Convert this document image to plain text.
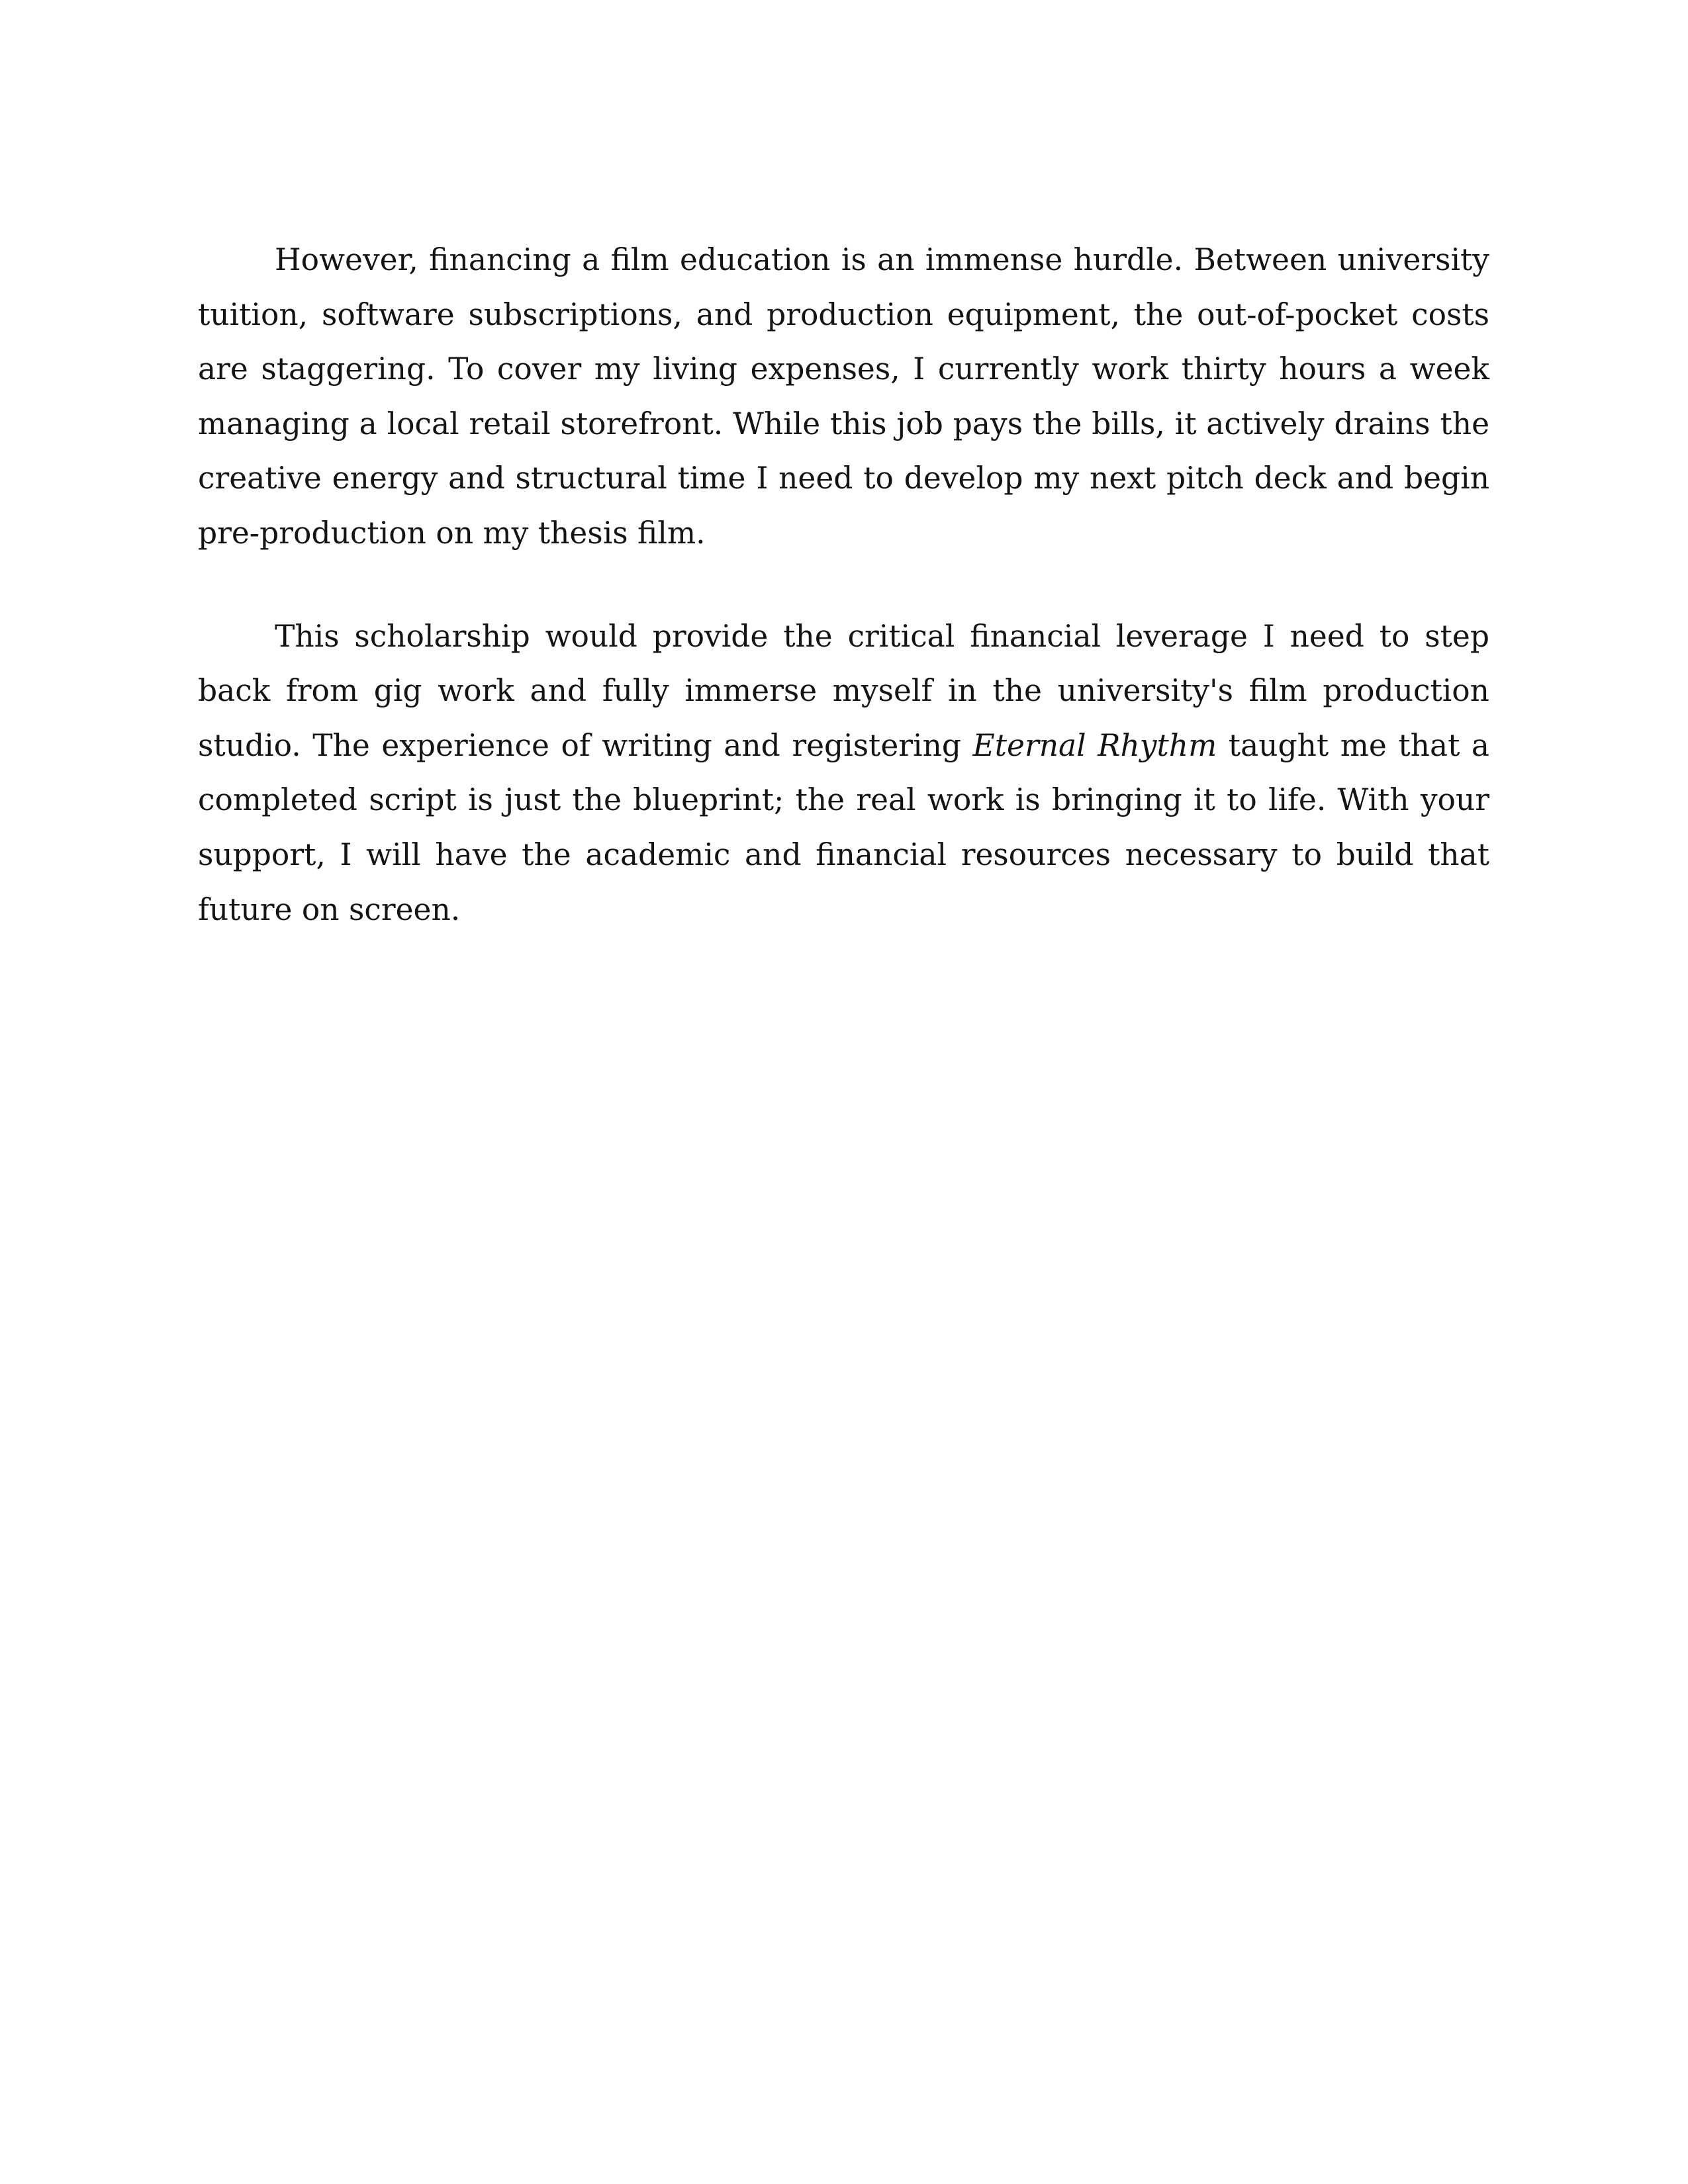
However, financing a film education is an immense hurdle. Between university tuition, software subscriptions, and production equipment, the out-of-pocket costs are staggering. To cover my living expenses, I currently work thirty hours a week managing a local retail storefront. While this job pays the bills, it actively drains the creative energy and structural time I need to develop my next pitch deck and begin pre-production on my thesis film.

This scholarship would provide the critical financial leverage I need to step back from gig work and fully immerse myself in the university's film production studio. The experience of writing and registering Eternal Rhythm taught me that a completed script is just the blueprint; the real work is bringing it to life. With your support, I will have the academic and financial resources necessary to build that future on screen.
